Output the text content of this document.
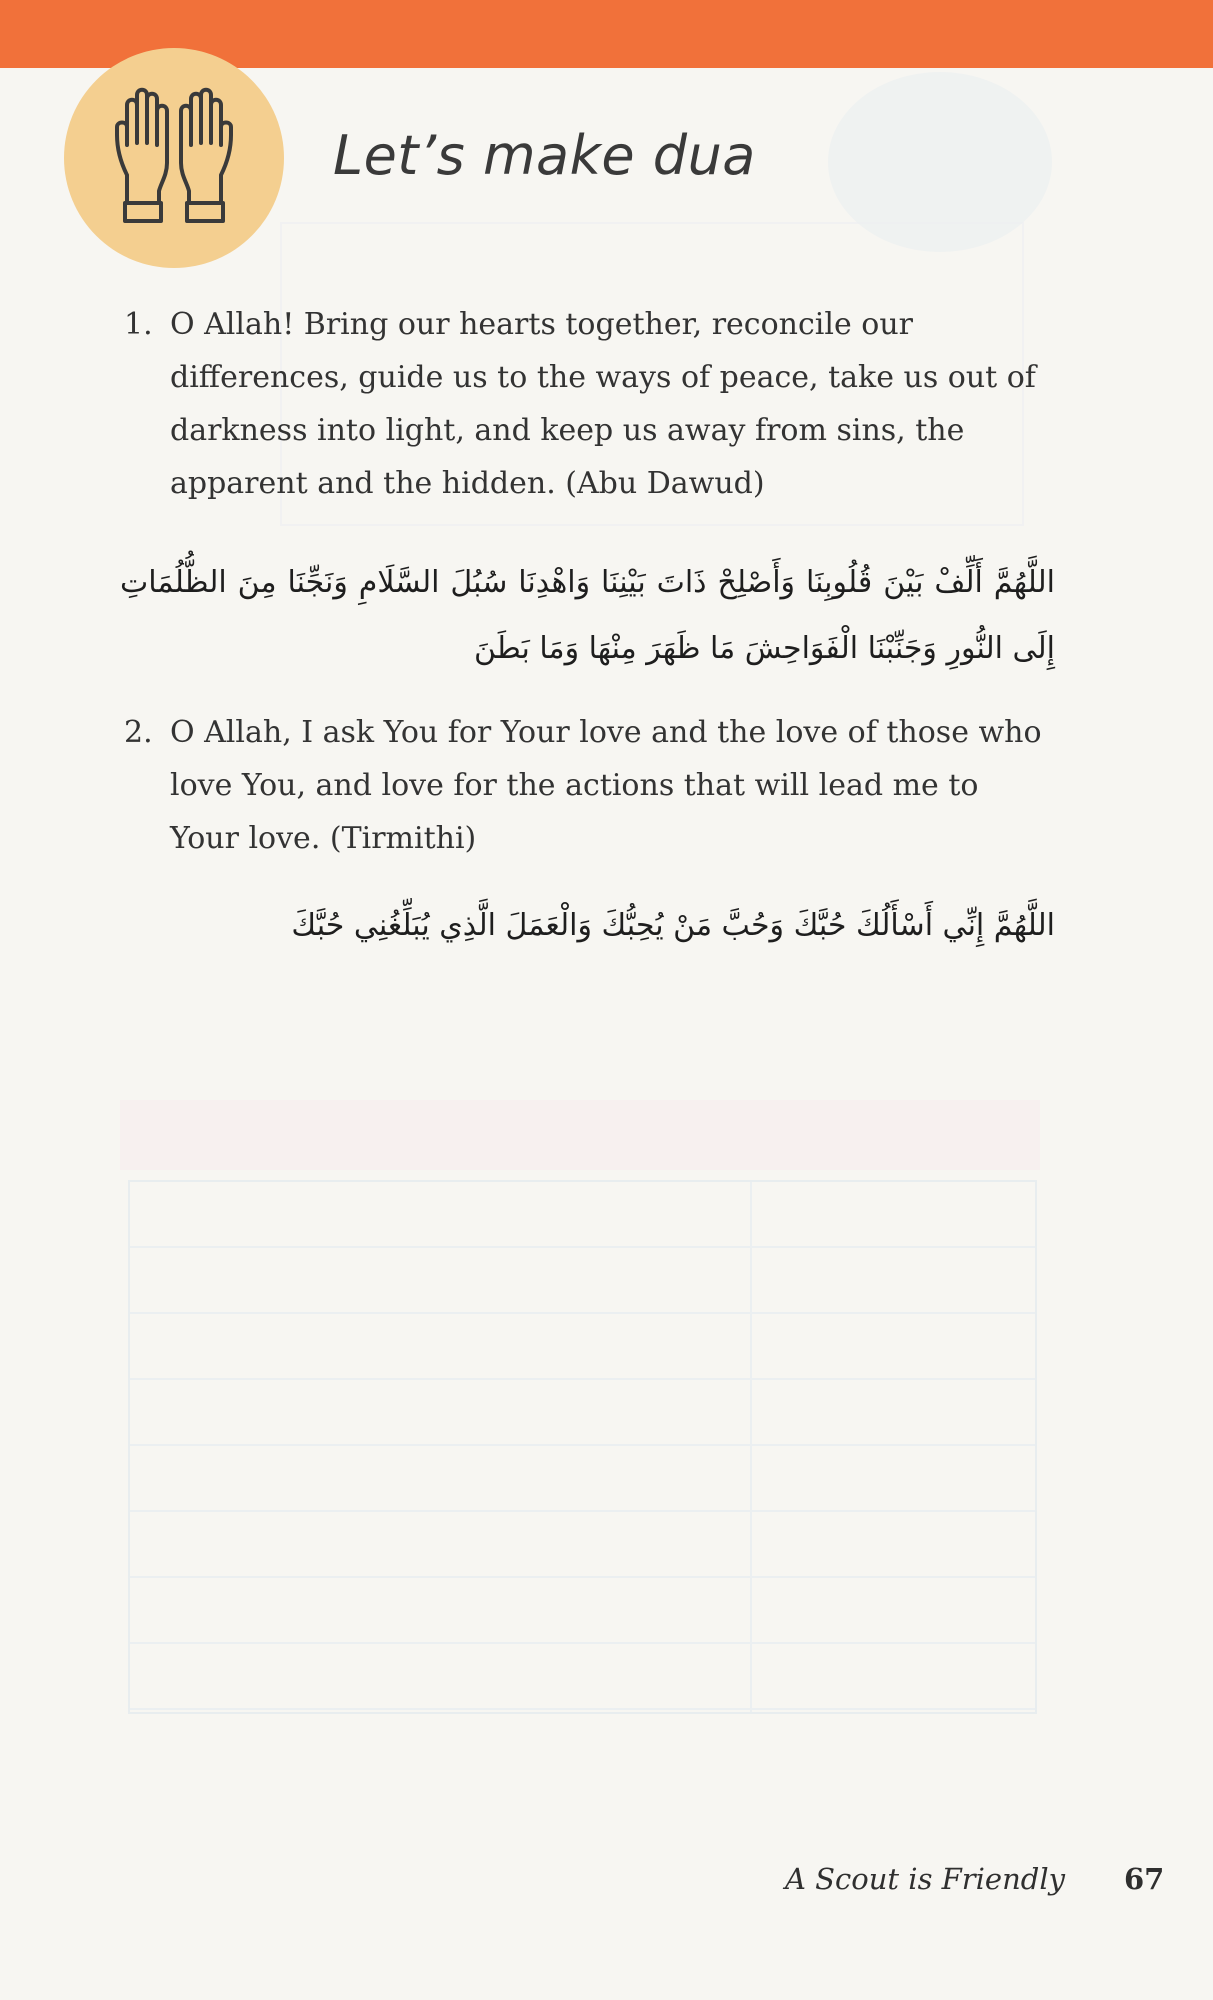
Let’s make dua
1. O Allah! Bring our hearts together, reconcile our differences, guide us to the ways of peace, take us out of darkness into light, and keep us away from sins, the apparent and the hidden. (Abu Dawud)

اللَّهُمَّ أَلِّفْ بَيْنَ قُلُوبِنَا وَأَصْلِحْ ذَاتَ بَيْنِنَا وَاهْدِنَا سُبُلَ السَّلَامِ وَنَجِّنَا مِنَ الظُّلُمَاتِ إِلَى النُّورِ وَجَنِّبْنَا الْفَوَاحِشَ مَا ظَهَرَ مِنْهَا وَمَا بَطَنَ

2. O Allah, I ask You for Your love and the love of those who love You, and love for the actions that will lead me to Your love. (Tirmithi)

اللَّهُمَّ إِنِّي أَسْأَلُكَ حُبَّكَ وَحُبَّ مَنْ يُحِبُّكَ وَالْعَمَلَ الَّذِي يُبَلِّغُنِي حُبَّكَ

A Scout is Friendly 67
